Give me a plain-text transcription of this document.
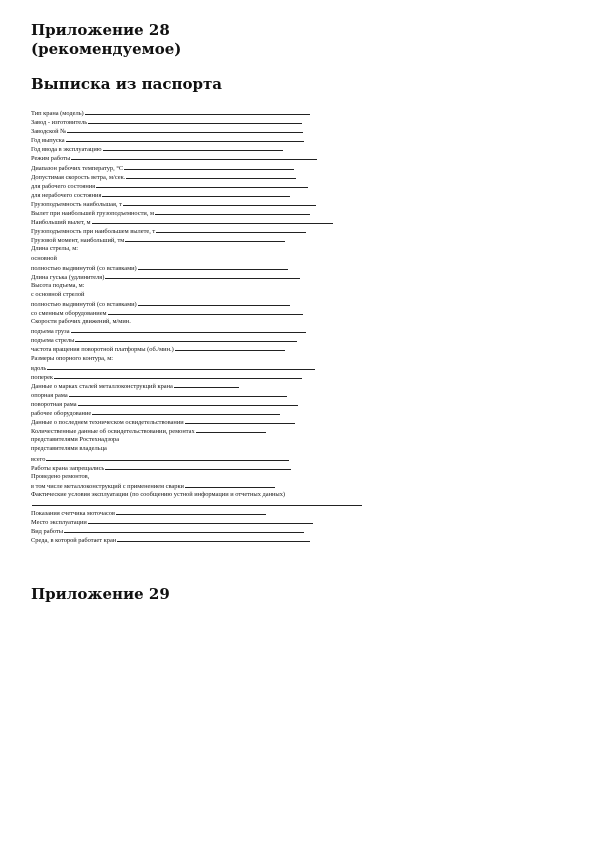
Приложение 28
(рекомендуемое)
Выписка из паспорта
Тип крана (модель)
Завод - изготовитель
Заводской №
Год выпуска
Год ввода в эксплуатацию
Режим работы
Диапазон рабочих температур, °С
Допустимая скорость ветра, м/сек.
для рабочего состояния
для нерабочего состояния
Грузоподъемность наибольшая, т
Вылет при наибольшей грузоподъемности, м
Наибольший вылет, м
Грузоподъемность при наибольшем вылете, т
Грузовой момент, наибольший, тм
Длина стрелы, м:
основной
полностью выдвинутой (со вставками)
Длина гуська (удлинителя)
Высота подъема, м:
с основной стрелой
полностью выдвинутой (со вставками)
со сменным оборудованием
Скорости рабочих движений, м/мин.
подъема груза
подъема стрелы
частота вращения поворотной платформы (об./мин.)
Размеры опорного контура, м:
вдоль
поперек
Данные о марках сталей металлоконструкций крана
опорная рама
поворотная рама
рабочее оборудование
Данные о последнем техническом освидетельствовании
Количественные данные об освидетельствовании, ремонтах
представителями Ростехнадзора
представителями владельца
всего
Работы крана запрещались
Проведено ремонтов,
в том числе металлоконструкций с применением сварки
Фактические условия эксплуатации (по сообщению устной информации и отчетных данных)
Показания счетчика моточасов
Место эксплуатации
Вид работы
Среда, в которой работает кран
Приложение 29
